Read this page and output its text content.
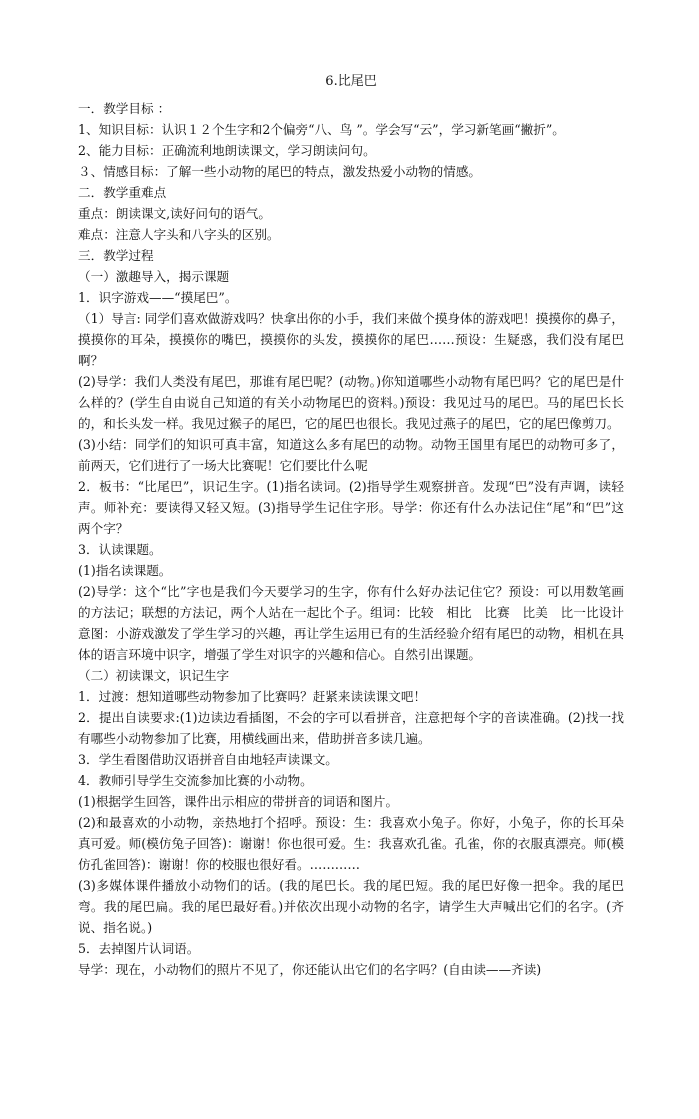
6.比尾巴

一．教学目标 ：

1、知识目标：认识１２个生字和2个偏旁“八、鸟 ”。学会写“云”，学习新笔画“撇折”。

2、能力目标：正确流利地朗读课文，学习朗读问句。

３、情感目标：了解一些小动物的尾巴的特点，激发热爱小动物的情感。

二．教学重难点

重点：朗读课文,读好问句的语气。

难点：注意人字头和八字头的区别。

三．教学过程

（一）激趣导入，揭示课题

1．识字游戏——“摸尾巴”。

（1）导言: 同学们喜欢做游戏吗？快拿出你的小手，我们来做个摸身体的游戏吧！摸摸你的鼻子，摸摸你的耳朵，摸摸你的嘴巴，摸摸你的头发，摸摸你的尾巴……预设：生疑惑，我们没有尾巴啊？

(2)导学：我们人类没有尾巴，那谁有尾巴呢？(动物。)你知道哪些小动物有尾巴吗？它的尾巴是什么样的？(学生自由说自己知道的有关小动物尾巴的资料。)预设：我见过马的尾巴。马的尾巴长长的，和长头发一样。我见过猴子的尾巴，它的尾巴也很长。我见过燕子的尾巴，它的尾巴像剪刀。

(3)小结：同学们的知识可真丰富，知道这么多有尾巴的动物。动物王国里有尾巴的动物可多了，前两天，它们进行了一场大比赛呢！它们要比什么呢

2．板书：“比尾巴”，识记生字。(1)指名读词。(2)指导学生观察拼音。发现“巴”没有声调，读轻声。师补充：要读得又轻又短。(3)指导学生记住字形。导学：你还有什么办法记住“尾”和“巴”这两个字？

3．认读课题。

(1)指名读课题。

(2)导学：这个“比”字也是我们今天要学习的生字，你有什么好办法记住它？预设：可以用数笔画的方法记；联想的方法记，两个人站在一起比个子。组词：比较　相比　比赛　比美　比一比设计意图：小游戏激发了学生学习的兴趣，再让学生运用已有的生活经验介绍有尾巴的动物，相机在具体的语言环境中识字，增强了学生对识字的兴趣和信心。自然引出课题。

（二）初读课文，识记生字

1．过渡：想知道哪些动物参加了比赛吗？赶紧来读读课文吧！

2．提出自读要求:(1)边读边看插图，不会的字可以看拼音，注意把每个字的音读准确。(2)找一找有哪些小动物参加了比赛，用横线画出来，借助拼音多读几遍。

3．学生看图借助汉语拼音自由地轻声读课文。

4．教师引导学生交流参加比赛的小动物。

(1)根据学生回答，课件出示相应的带拼音的词语和图片。

(2)和最喜欢的小动物，亲热地打个招呼。预设：生：我喜欢小兔子。你好，小兔子，你的长耳朵真可爱。师(模仿兔子回答)：谢谢！你也很可爱。生：我喜欢孔雀。孔雀，你的衣服真漂亮。师(模仿孔雀回答)：谢谢！你的校服也很好看。…………

(3)多媒体课件播放小动物们的话。(我的尾巴长。我的尾巴短。我的尾巴好像一把伞。我的尾巴弯。我的尾巴扁。我的尾巴最好看。)并依次出现小动物的名字，请学生大声喊出它们的名字。(齐说、指名说。)

5．去掉图片认词语。

导学：现在，小动物们的照片不见了，你还能认出它们的名字吗？(自由读——齐读)
